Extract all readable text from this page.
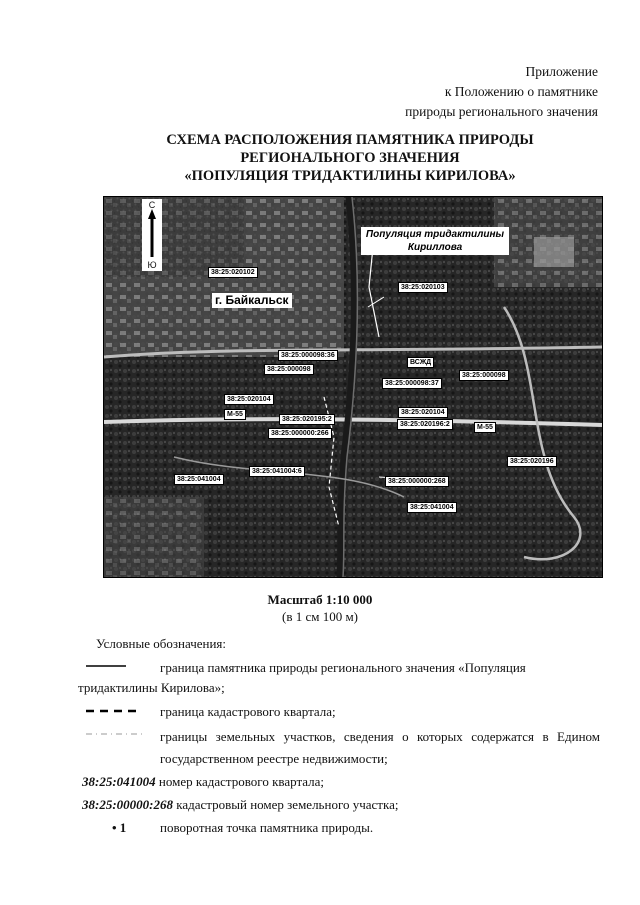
Приложение
к Положению о памятнике
природы регионального значения
СХЕМА РАСПОЛОЖЕНИЯ ПАМЯТНИКА ПРИРОДЫ
РЕГИОНАЛЬНОГО ЗНАЧЕНИЯ
«ПОПУЛЯЦИЯ ТРИДАКТИЛИНЫ КИРИЛОВА»
С
Ю
Популяция тридактилины
Кириллова
г. Байкальск
38:25:020102
38:25:020103
38:25:000098:36
38:25:000098
ВСЖД
38:25:000098:37
38:25:000098
38:25:020104
М-55
38:25:020195:2
38:25:020104
38:25:020196:2	М-55
38:25:000000:266
38:25:020196
38:25:041004
38:25:041004:6
38:25:000000:268
38:25:041004
Масштаб 1:10 000
(в 1 см 100 м)
Условные обозначения:
граница памятника природы регионального значения «Популяция
тридактилины Кирилова»;
граница кадастрового квартала;
границы земельных участков, сведения о которых содержатся в Едином государственном реестре недвижимости;
38:25:041004 номер кадастрового квартала;
38:25:00000:268 кадастровый номер земельного участка;
• 1	поворотная точка памятника природы.
